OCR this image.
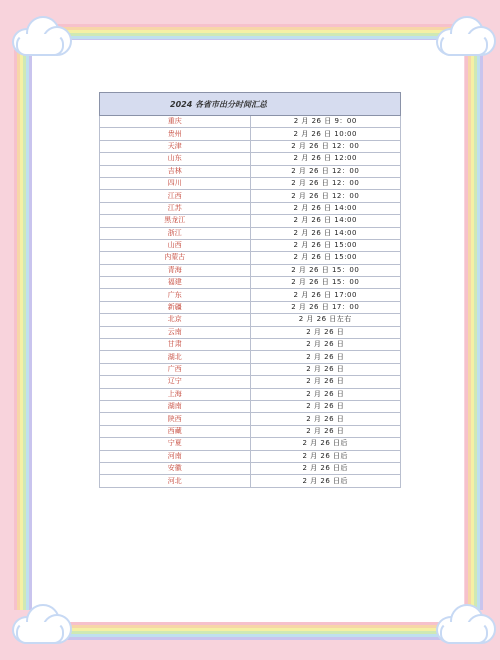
2024 各省市出分时间汇总	
重庆	2 月 26 日 9：00
贵州	2 月 26 日 10:00
天津	2 月 26 日 12：00
山东	2 月 26 日 12:00
吉林	2 月 26 日 12：00
四川	2 月 26 日 12：00
江西	2 月 26 日 12：00
江苏	2 月 26 日 14:00
黑龙江	2 月 26 日 14:00
浙江	2 月 26 日 14:00
山西	2 月 26 日 15:00
内蒙古	2 月 26 日 15:00
青海	2 月 26 日 15：00
福建	2 月 26 日 15：00
广东	2 月 26 日 17:00
新疆	2 月 26 日 17：00
北京	2 月 26 日左右
云南	2 月 26 日
甘肃	2 月 26 日
湖北	2 月 26 日
广西	2 月 26 日
辽宁	2 月 26 日
上海	2 月 26 日
湖南	2 月 26 日
陕西	2 月 26 日
西藏	2 月 26 日
宁夏	2 月 26 日后
河南	2 月 26 日后
安徽	2 月 26 日后
河北	2 月 26 日后
